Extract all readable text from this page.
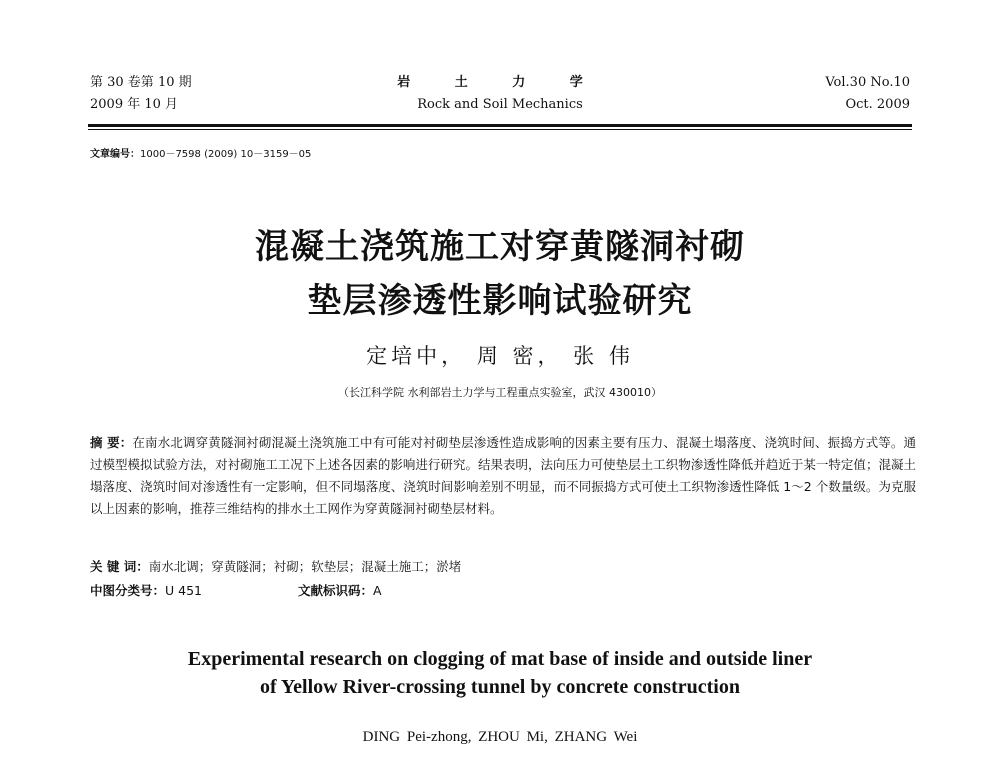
第 30 卷第 10 期
2009 年 10 月
岩 土 力 学
Rock and Soil Mechanics
Vol.30 No.10
Oct. 2009
文章编号：1000－7598 (2009) 10－3159－05
混凝土浇筑施工对穿黄隧洞衬砌
垫层渗透性影响试验研究
定培中， 周 密， 张 伟
（长江科学院 水利部岩土力学与工程重点实验室，武汉 430010）
摘 要：在南水北调穿黄隧洞衬砌混凝土浇筑施工中有可能对衬砌垫层渗透性造成影响的因素主要有压力、混凝土塌落度、浇筑时间、振捣方式等。通过模型模拟试验方法，对衬砌施工工况下上述各因素的影响进行研究。结果表明，法向压力可使垫层土工织物渗透性降低并趋近于某一特定值；混凝土塌落度、浇筑时间对渗透性有一定影响，但不同塌落度、浇筑时间影响差别不明显，而不同振捣方式可使土工织物渗透性降低 1～2 个数量级。为克服以上因素的影响，推荐三维结构的排水土工网作为穿黄隧洞衬砌垫层材料。
关 键 词：南水北调；穿黄隧洞；衬砌；软垫层；混凝土施工；淤堵
中图分类号：U 451	文献标识码：A
Experimental research on clogging of mat base of inside and outside liner
of Yellow River-crossing tunnel by concrete construction
DING Pei-zhong, ZHOU Mi, ZHANG Wei
